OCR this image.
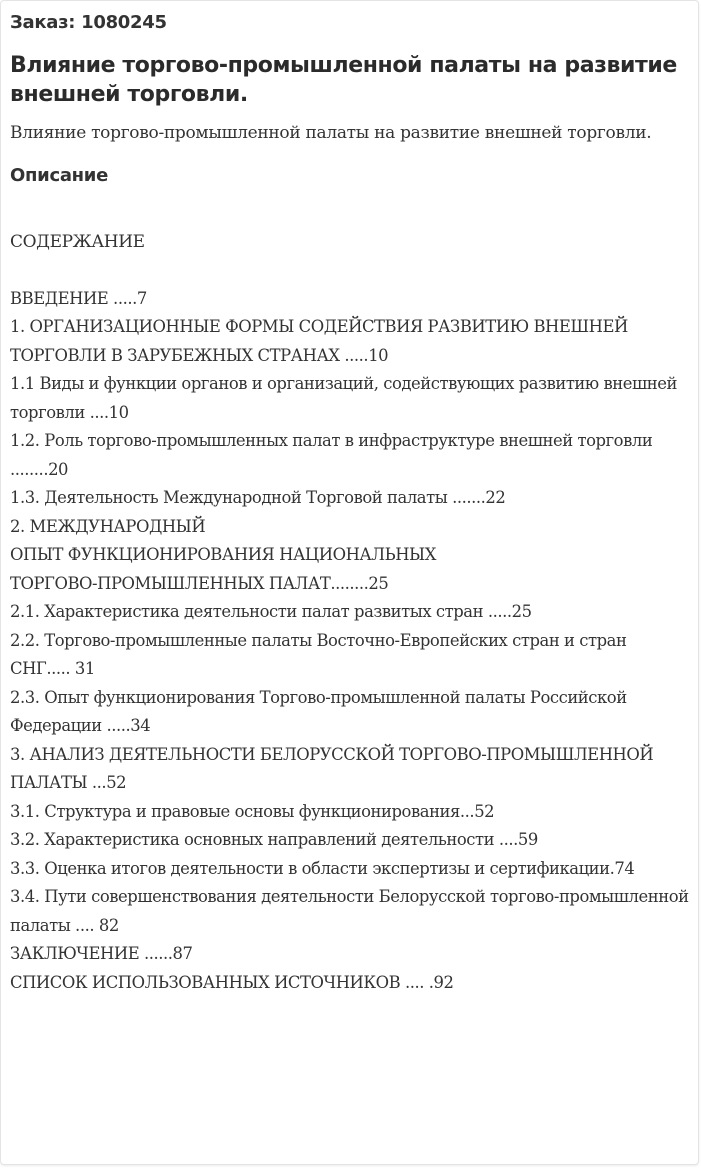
Заказ: 1080245

Влияние торгово-промышленной палаты на развитие внешней торговли.

Влияние торгово-промышленной палаты на развитие внешней торговли.

Описание

СОДЕРЖАНИЕ

ВВЕДЕНИЕ .....7
1. ОРГАНИЗАЦИОННЫЕ ФОРМЫ СОДЕЙСТВИЯ РАЗВИТИЮ ВНЕШНЕЙ ТОРГОВЛИ В ЗАРУБЕЖНЫХ СТРАНАХ .....10
1.1 Виды и функции органов и организаций, содействующих развитию внешней торговли ....10
1.2. Роль торгово-промышленных палат в инфраструктуре внешней торговли ........20
1.3. Деятельность Международной Торговой палаты .......22
2. МЕЖДУНАРОДНЫЙ
ОПЫТ ФУНКЦИОНИРОВАНИЯ НАЦИОНАЛЬНЫХ
ТОРГОВО-ПРОМЫШЛЕННЫХ ПАЛАТ........25
2.1. Характеристика деятельности палат развитых стран .....25
2.2. Торгово-промышленные палаты Восточно-Европейских стран и стран СНГ..... 31
2.3. Опыт функционирования Торгово-промышленной палаты Российской Федерации .....34
3. АНАЛИЗ ДЕЯТЕЛЬНОСТИ БЕЛОРУССКОЙ ТОРГОВО-ПРОМЫШЛЕННОЙ ПАЛАТЫ ...52
3.1. Структура и правовые основы функционирования...52
3.2. Характеристика основных направлений деятельности ....59
3.3. Оценка итогов деятельности в области экспертизы и сертификации.74
3.4. Пути совершенствования деятельности Белорусской торгово-промышленной палаты .... 82
ЗАКЛЮЧЕНИЕ ......87
СПИСОК ИСПОЛЬЗОВАННЫХ ИСТОЧНИКОВ .... .92
